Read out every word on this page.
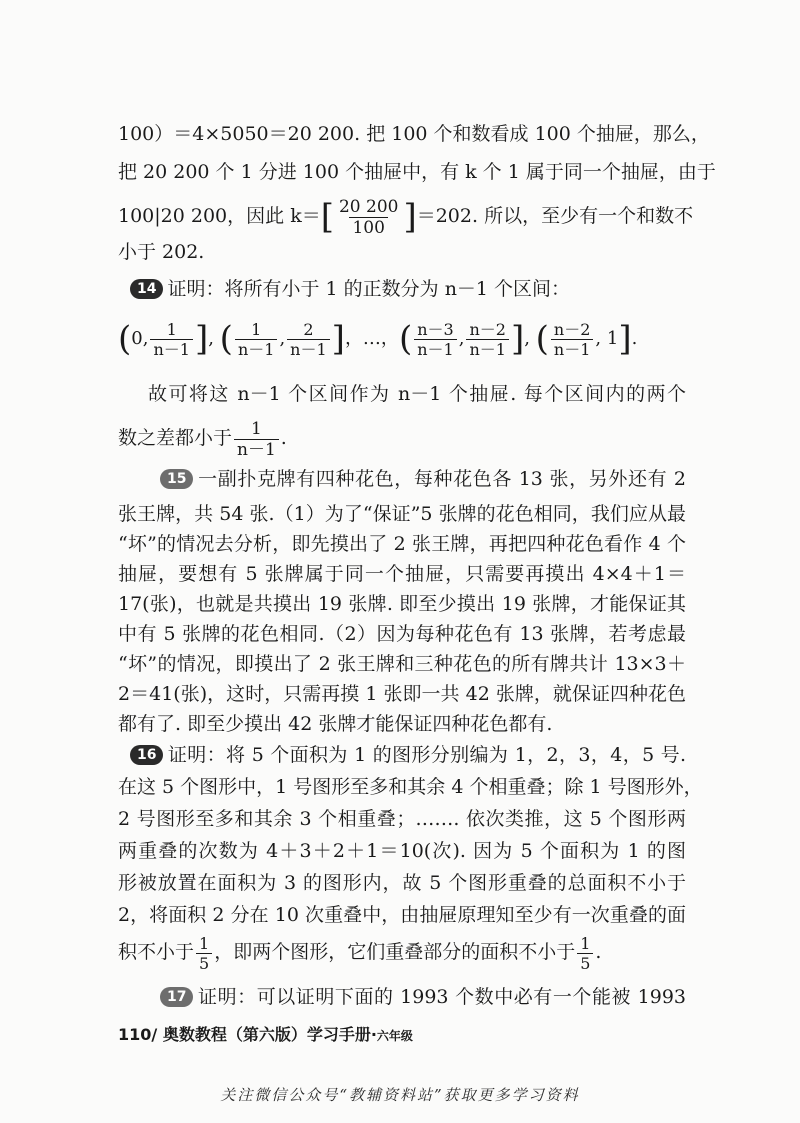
100）＝4×5050＝20 200. 把 100 个和数看成 100 个抽屉，那么，
把 20 200 个 1 分进 100 个抽屉中，有 k 个 1 属于同一个抽屉，由于
100|20 200，因此 $k=[ \frac{20 200}{100} ]=202$. 所以，至少有一个和数不
小于 202.
14 证明：将所有小于 1 的正数分为 n－1 个区间：
(0, $\frac{1}{n-1}$ ], ( $\frac{1}{n-1}$ , $\frac{2}{n-1}$ ]，…，( $\frac{n-3}{n-1}$ , $\frac{n-2}{n-1}$ ], ( $\frac{n-2}{n-1}$ , 1].
故可将这 n－1 个区间作为 n－1 个抽屉. 每个区间内的两个
数之差都小于 $\frac{1}{n-1}$ .
15 一副扑克牌有四种花色，每种花色各 13 张，另外还有 2
张王牌，共 54 张.（1）为了“保证”5 张牌的花色相同，我们应从最
“坏”的情况去分析，即先摸出了 2 张王牌，再把四种花色看作 4 个
抽屉，要想有 5 张牌属于同一个抽屉，只需要再摸出 4×4＋1＝
17(张)，也就是共摸出 19 张牌. 即至少摸出 19 张牌，才能保证其
中有 5 张牌的花色相同.（2）因为每种花色有 13 张牌，若考虑最
“坏”的情况，即摸出了 2 张王牌和三种花色的所有牌共计 13×3＋
2＝41(张)，这时，只需再摸 1 张即一共 42 张牌，就保证四种花色
都有了. 即至少摸出 42 张牌才能保证四种花色都有.
16 证明：将 5 个面积为 1 的图形分别编为 1，2，3，4，5 号.
在这 5 个图形中，1 号图形至多和其余 4 个相重叠；除 1 号图形外，
2 号图形至多和其余 3 个相重叠；……. 依次类推，这 5 个图形两
两重叠的次数为 4＋3＋2＋1＝10(次). 因为 5 个面积为 1 的图
形被放置在面积为 3 的图形内，故 5 个图形重叠的总面积不小于
2，将面积 2 分在 10 次重叠中，由抽屉原理知至少有一次重叠的面
积不小于 $\frac{1}{5}$ ，即两个图形，它们重叠部分的面积不小于 $\frac{1}{5}$ .
17 证明：可以证明下面的 1993 个数中必有一个能被 1993
110/ 奥数教程（第六版）学习手册·六年级
关注微信公众号“教辅资料站”获取更多学习资料
